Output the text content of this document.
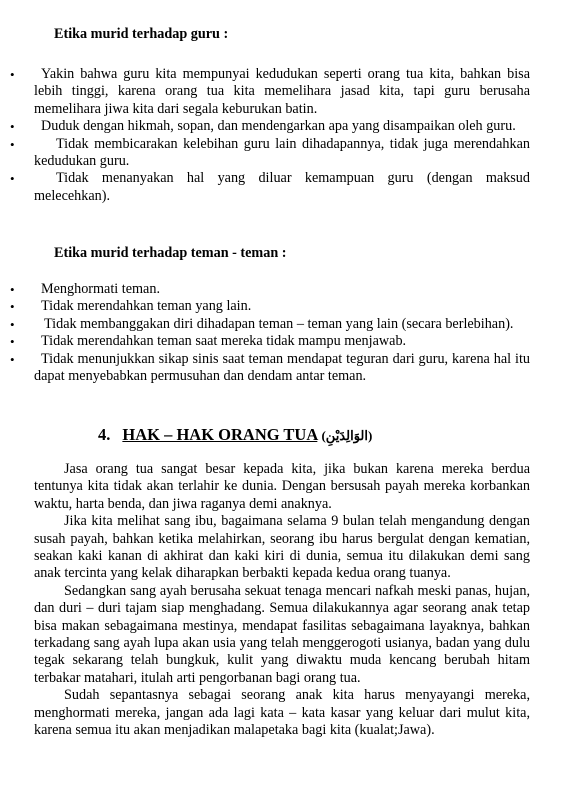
Etika murid terhadap guru :
•	Yakin bahwa guru kita mempunyai kedudukan seperti orang tua kita, bahkan bisa lebih tinggi, karena orang tua kita memelihara jasad kita, tapi guru berusaha memelihara jiwa kita dari segala keburukan batin.
•	Duduk dengan hikmah, sopan, dan mendengarkan apa yang disampaikan oleh guru.
•	Tidak membicarakan kelebihan guru lain dihadapannya, tidak juga merendahkan kedudukan guru.
•	Tidak menanyakan hal yang diluar kemampuan guru (dengan maksud melecehkan).
Etika murid terhadap teman - teman :
•	Menghormati teman.
•	Tidak merendahkan teman yang lain.
•	Tidak membanggakan diri dihadapan teman – teman yang lain (secara berlebihan).
•	Tidak merendahkan teman saat mereka tidak mampu menjawab.
•	Tidak menunjukkan sikap sinis saat teman mendapat teguran dari guru, karena hal itu dapat menyebabkan permusuhan dan dendam antar teman.
4. HAK – HAK ORANG TUA (الوَالِدَيْنِ)

Jasa orang tua sangat besar kepada kita, jika bukan karena mereka berdua tentunya kita tidak akan terlahir ke dunia. Dengan bersusah payah mereka korbankan waktu, harta benda, dan jiwa raganya demi anaknya.

Jika kita melihat sang ibu, bagaimana selama 9 bulan telah mengandung dengan susah payah, bahkan ketika melahirkan, seorang ibu harus bergulat dengan kematian, seakan kaki kanan di akhirat dan kaki kiri di dunia, semua itu dilakukan demi sang anak tercinta yang kelak diharapkan berbakti kepada kedua orang tuanya.

Sedangkan sang ayah berusaha sekuat tenaga mencari nafkah meski panas, hujan, dan duri – duri tajam siap menghadang. Semua dilakukannya agar seorang anak tetap bisa makan sebagaimana mestinya, mendapat fasilitas sebagaimana layaknya, bahkan terkadang sang ayah lupa akan usia yang telah menggerogoti usianya, badan yang dulu tegak sekarang telah bungkuk, kulit yang diwaktu muda kencang berubah hitam terbakar matahari, itulah arti pengorbanan bagi orang tua.

Sudah sepantasnya sebagai seorang anak kita harus menyayangi mereka, menghormati mereka, jangan ada lagi kata – kata kasar yang keluar dari mulut kita, karena semua itu akan menjadikan malapetaka bagi kita (kualat;Jawa).
